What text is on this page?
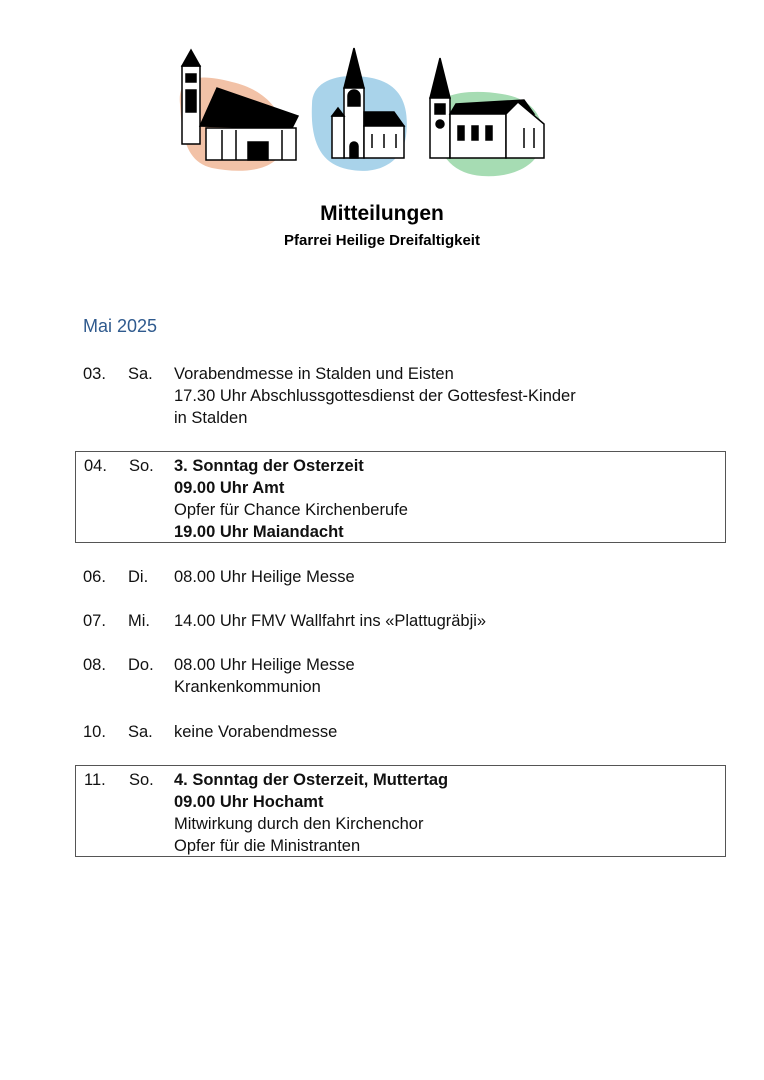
Mitteilungen
Pfarrei Heilige Dreifaltigkeit
Mai 2025
03. Sa. Vorabendmesse in Stalden und Eisten
17.30 Uhr Abschlussgottesdienst der Gottesfest-Kinder
in Stalden
04. So. 3. Sonntag der Osterzeit
09.00 Uhr Amt
Opfer für Chance Kirchenberufe
19.00 Uhr Maiandacht
06. Di. 08.00 Uhr Heilige Messe
07. Mi. 14.00 Uhr FMV Wallfahrt ins «Plattugräbji»
08. Do. 08.00 Uhr Heilige Messe
Krankenkommunion
10. Sa. keine Vorabendmesse
11. So. 4. Sonntag der Osterzeit, Muttertag
09.00 Uhr Hochamt
Mitwirkung durch den Kirchenchor
Opfer für die Ministranten
